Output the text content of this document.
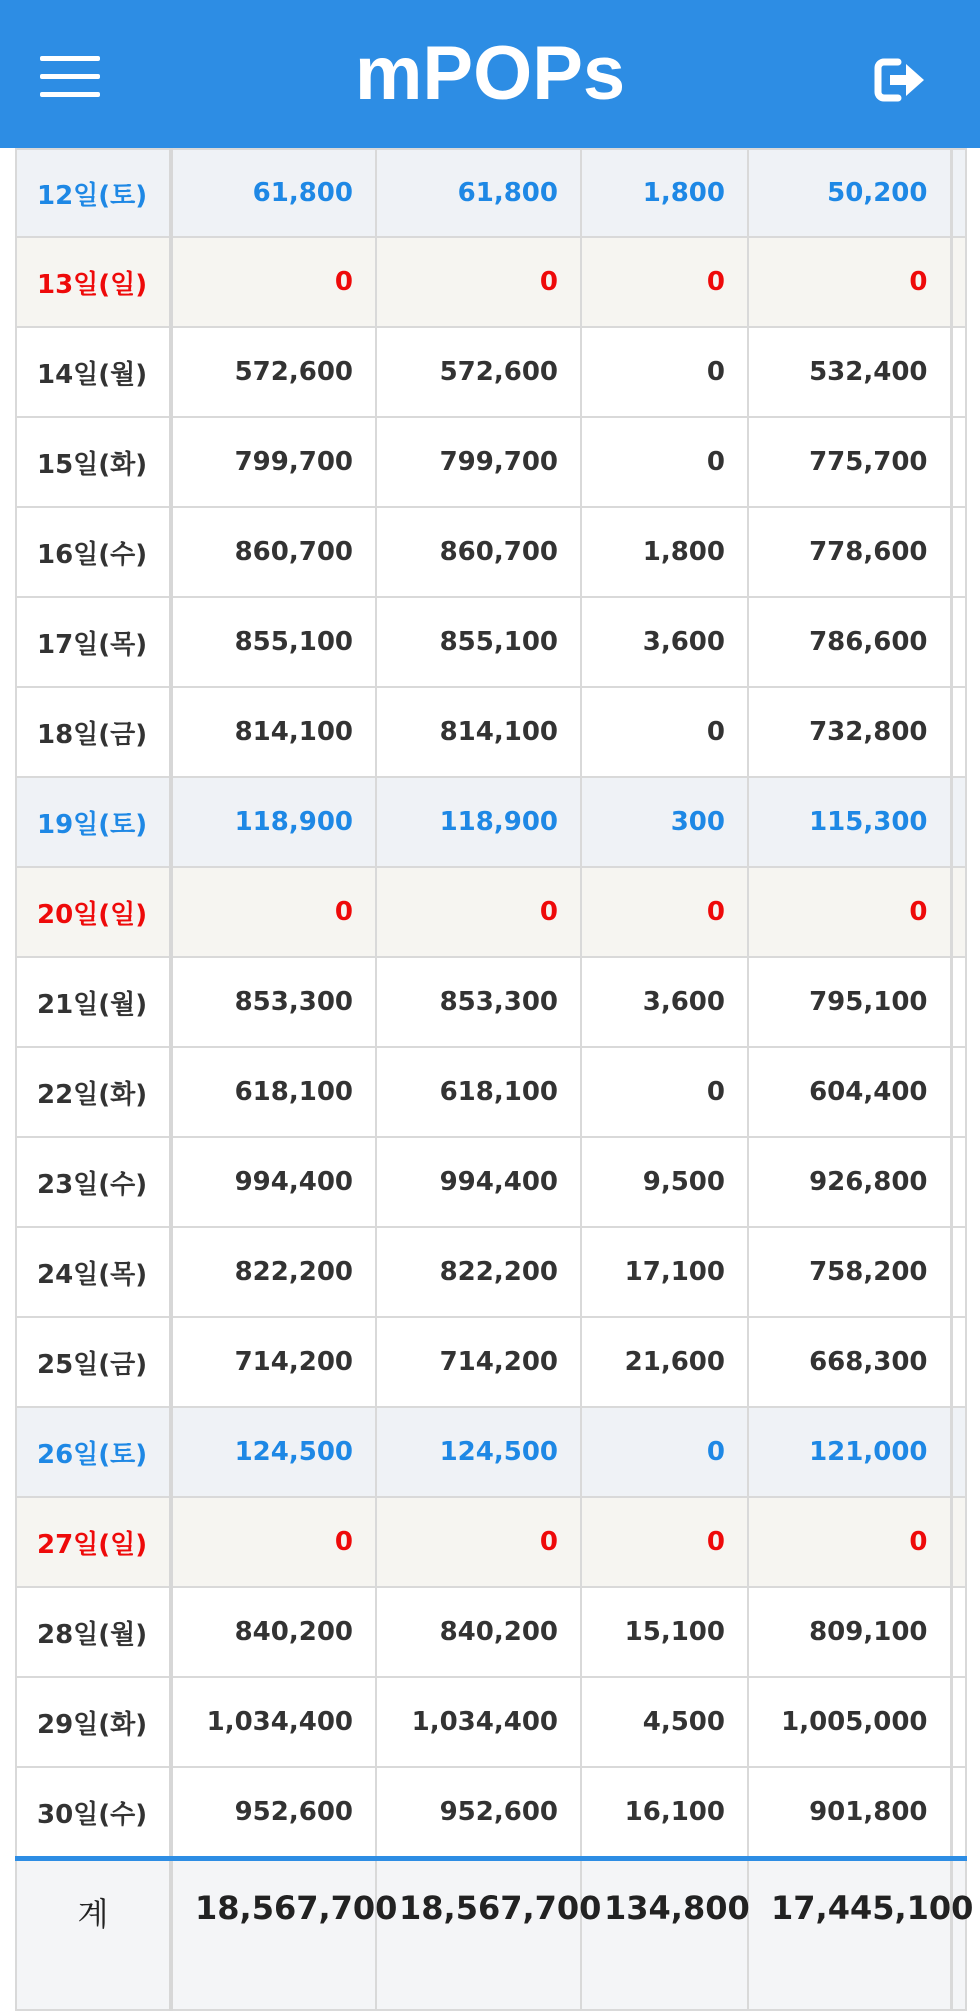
mPOPs
12일(토)	61,800	61,800	1,800	50,200	
13일(일)	0	0	0	0	
14일(월)	572,600	572,600	0	532,400	
15일(화)	799,700	799,700	0	775,700	
16일(수)	860,700	860,700	1,800	778,600	
17일(목)	855,100	855,100	3,600	786,600	
18일(금)	814,100	814,100	0	732,800	
19일(토)	118,900	118,900	300	115,300	
20일(일)	0	0	0	0	
21일(월)	853,300	853,300	3,600	795,100	
22일(화)	618,100	618,100	0	604,400	
23일(수)	994,400	994,400	9,500	926,800	
24일(목)	822,200	822,200	17,100	758,200	
25일(금)	714,200	714,200	21,600	668,300	
26일(토)	124,500	124,500	0	121,000	
27일(일)	0	0	0	0	
28일(월)	840,200	840,200	15,100	809,100	
29일(화)	1,034,400	1,034,400	4,500	1,005,000	
30일(수)	952,600	952,600	16,100	901,800	
계	18,567,700	18,567,700	134,800	17,445,100	
